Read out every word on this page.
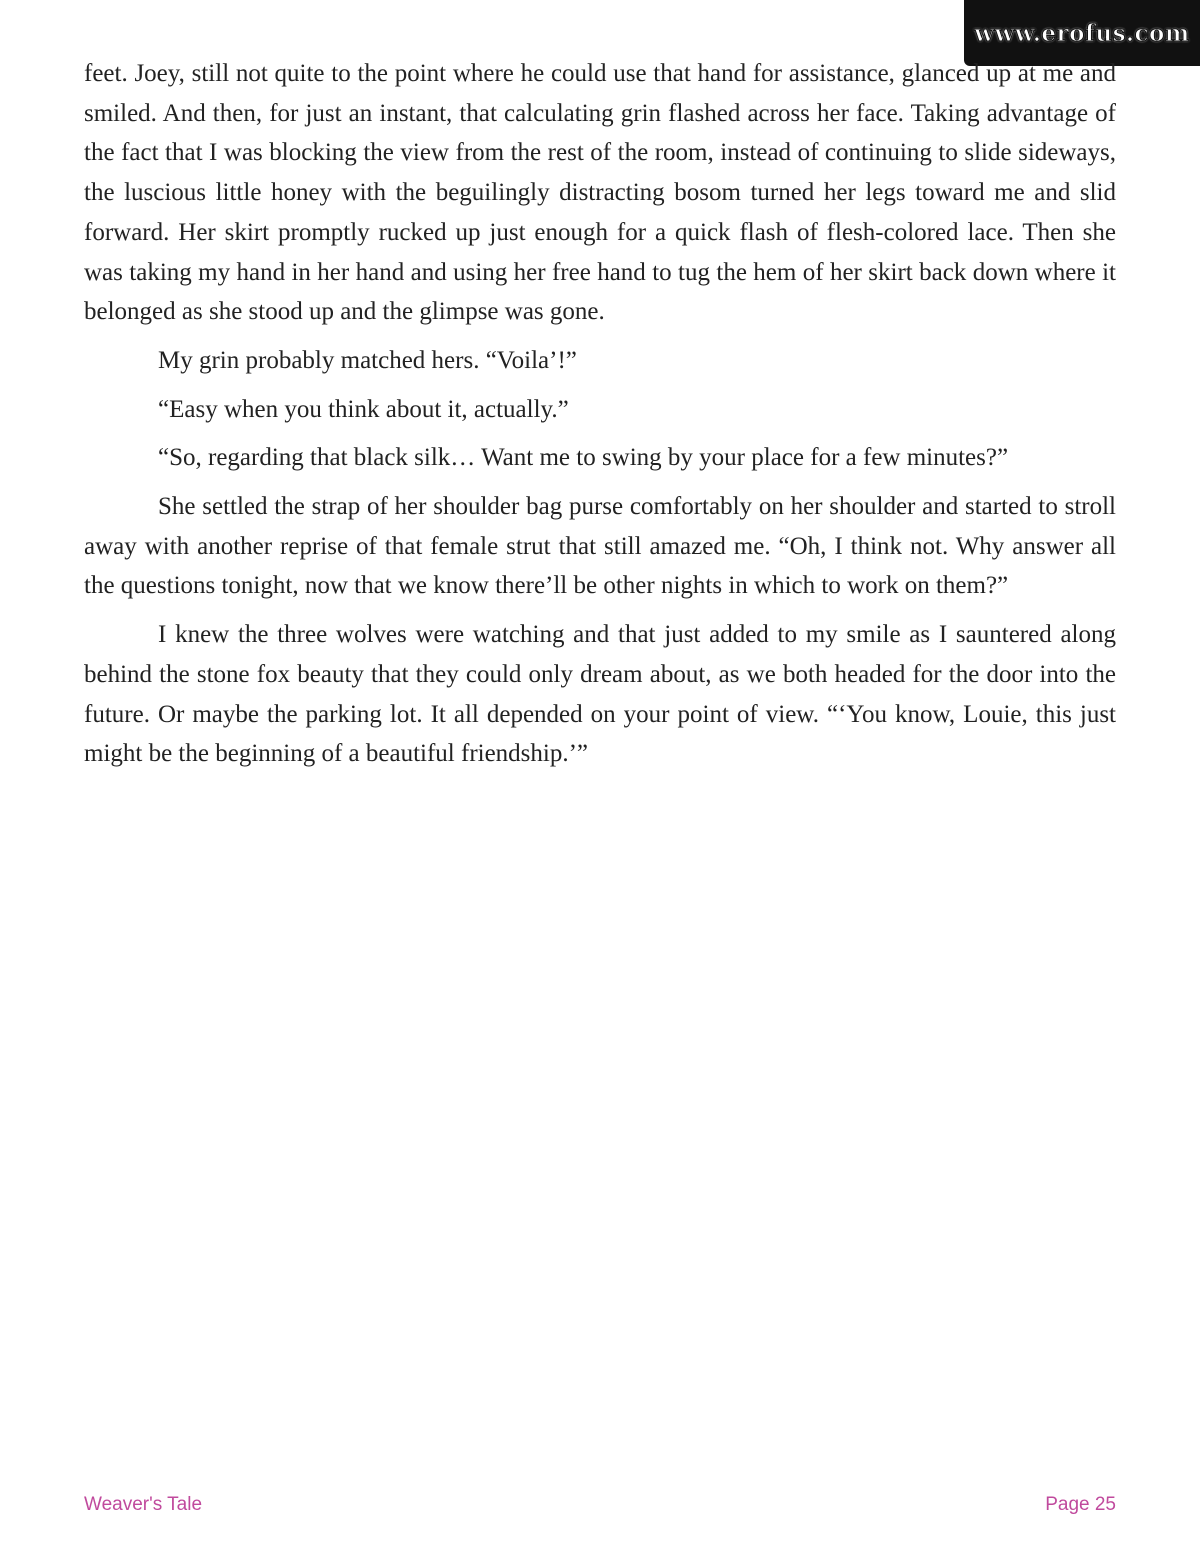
www.erofus.com

feet. Joey, still not quite to the point where he could use that hand for assistance, glanced up at me and smiled. And then, for just an instant, that calculating grin flashed across her face. Taking advantage of the fact that I was blocking the view from the rest of the room, instead of continuing to slide sideways, the luscious little honey with the beguilingly distracting bosom turned her legs toward me and slid forward. Her skirt promptly rucked up just enough for a quick flash of flesh-colored lace. Then she was taking my hand in her hand and using her free hand to tug the hem of her skirt back down where it belonged as she stood up and the glimpse was gone.

My grin probably matched hers. “Voila’!”

“Easy when you think about it, actually.”

“So, regarding that black silk… Want me to swing by your place for a few minutes?”

She settled the strap of her shoulder bag purse comfortably on her shoulder and started to stroll away with another reprise of that female strut that still amazed me. “Oh, I think not. Why answer all the questions tonight, now that we know there’ll be other nights in which to work on them?”

I knew the three wolves were watching and that just added to my smile as I sauntered along behind the stone fox beauty that they could only dream about, as we both headed for the door into the future. Or maybe the parking lot. It all depended on your point of view. “‘You know, Louie, this just might be the beginning of a beautiful friendship.’”

Weaver's Tale	Page 25
